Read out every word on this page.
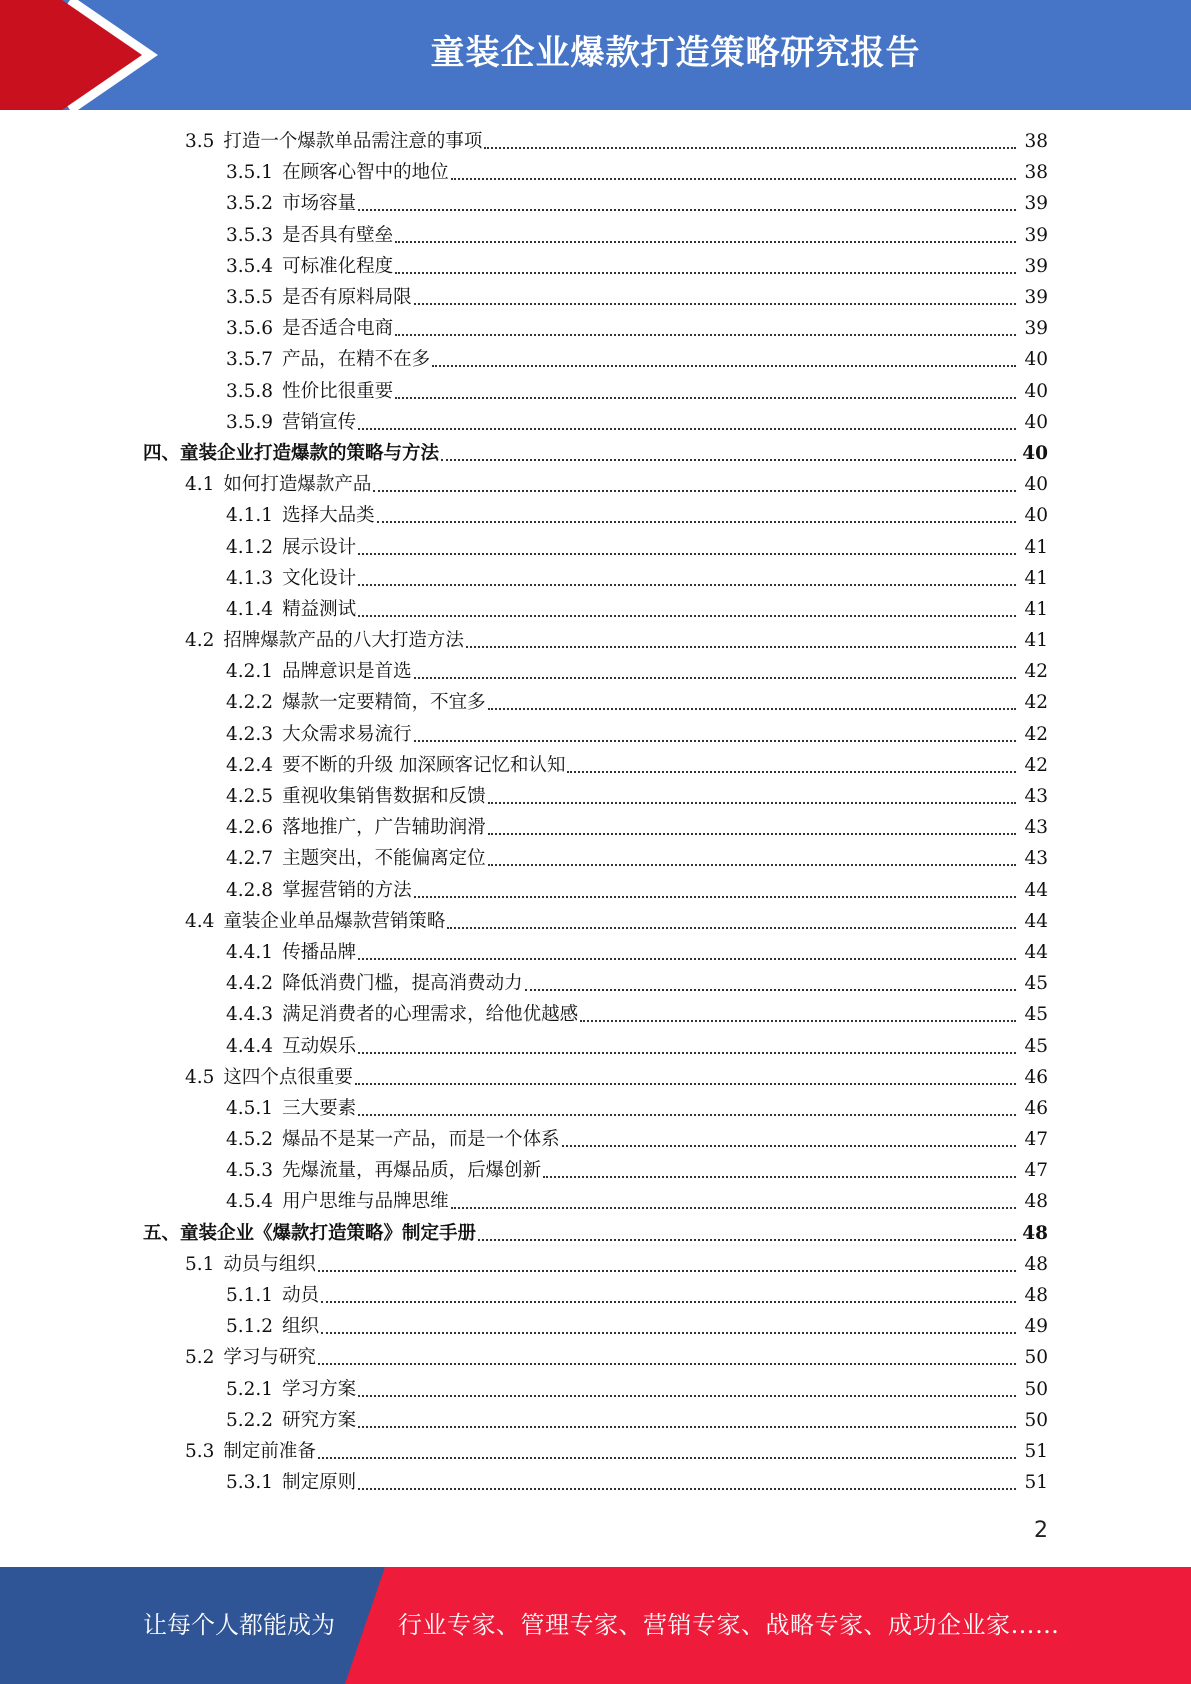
童装企业爆款打造策略研究报告
3.5 打造一个爆款单品需注意的事项	38
3.5.1 在顾客心智中的地位	38
3.5.2 市场容量	39
3.5.3 是否具有壁垒	39
3.5.4 可标准化程度	39
3.5.5 是否有原料局限	39
3.5.6 是否适合电商	39
3.5.7 产品，在精不在多	40
3.5.8 性价比很重要	40
3.5.9 营销宣传	40
四、 童装企业打造爆款的策略与方法	40
4.1 如何打造爆款产品	40
4.1.1 选择大品类	40
4.1.2 展示设计	41
4.1.3 文化设计	41
4.1.4 精益测试	41
4.2 招牌爆款产品的八大打造方法	41
4.2.1 品牌意识是首选	42
4.2.2 爆款一定要精简，不宜多	42
4.2.3 大众需求易流行	42
4.2.4 要不断的升级 加深顾客记忆和认知	42
4.2.5 重视收集销售数据和反馈	43
4.2.6 落地推广，广告辅助润滑	43
4.2.7 主题突出，不能偏离定位	43
4.2.8 掌握营销的方法	44
4.4 童装企业单品爆款营销策略	44
4.4.1 传播品牌	44
4.4.2 降低消费门槛，提高消费动力	45
4.4.3 满足消费者的心理需求，给他优越感	45
4.4.4 互动娱乐	45
4.5 这四个点很重要	46
4.5.1 三大要素	46
4.5.2 爆品不是某一产品，而是一个体系	47
4.5.3 先爆流量，再爆品质，后爆创新	47
4.5.4 用户思维与品牌思维	48
五、 童装企业《爆款打造策略》制定手册	48
5.1 动员与组织	48
5.1.1 动员	48
5.1.2 组织	49
5.2 学习与研究	50
5.2.1 学习方案	50
5.2.2 研究方案	50
5.3 制定前准备	51
5.3.1 制定原则	51
2
让每个人都能成为	行业专家、管理专家、营销专家、战略专家、成功企业家……
